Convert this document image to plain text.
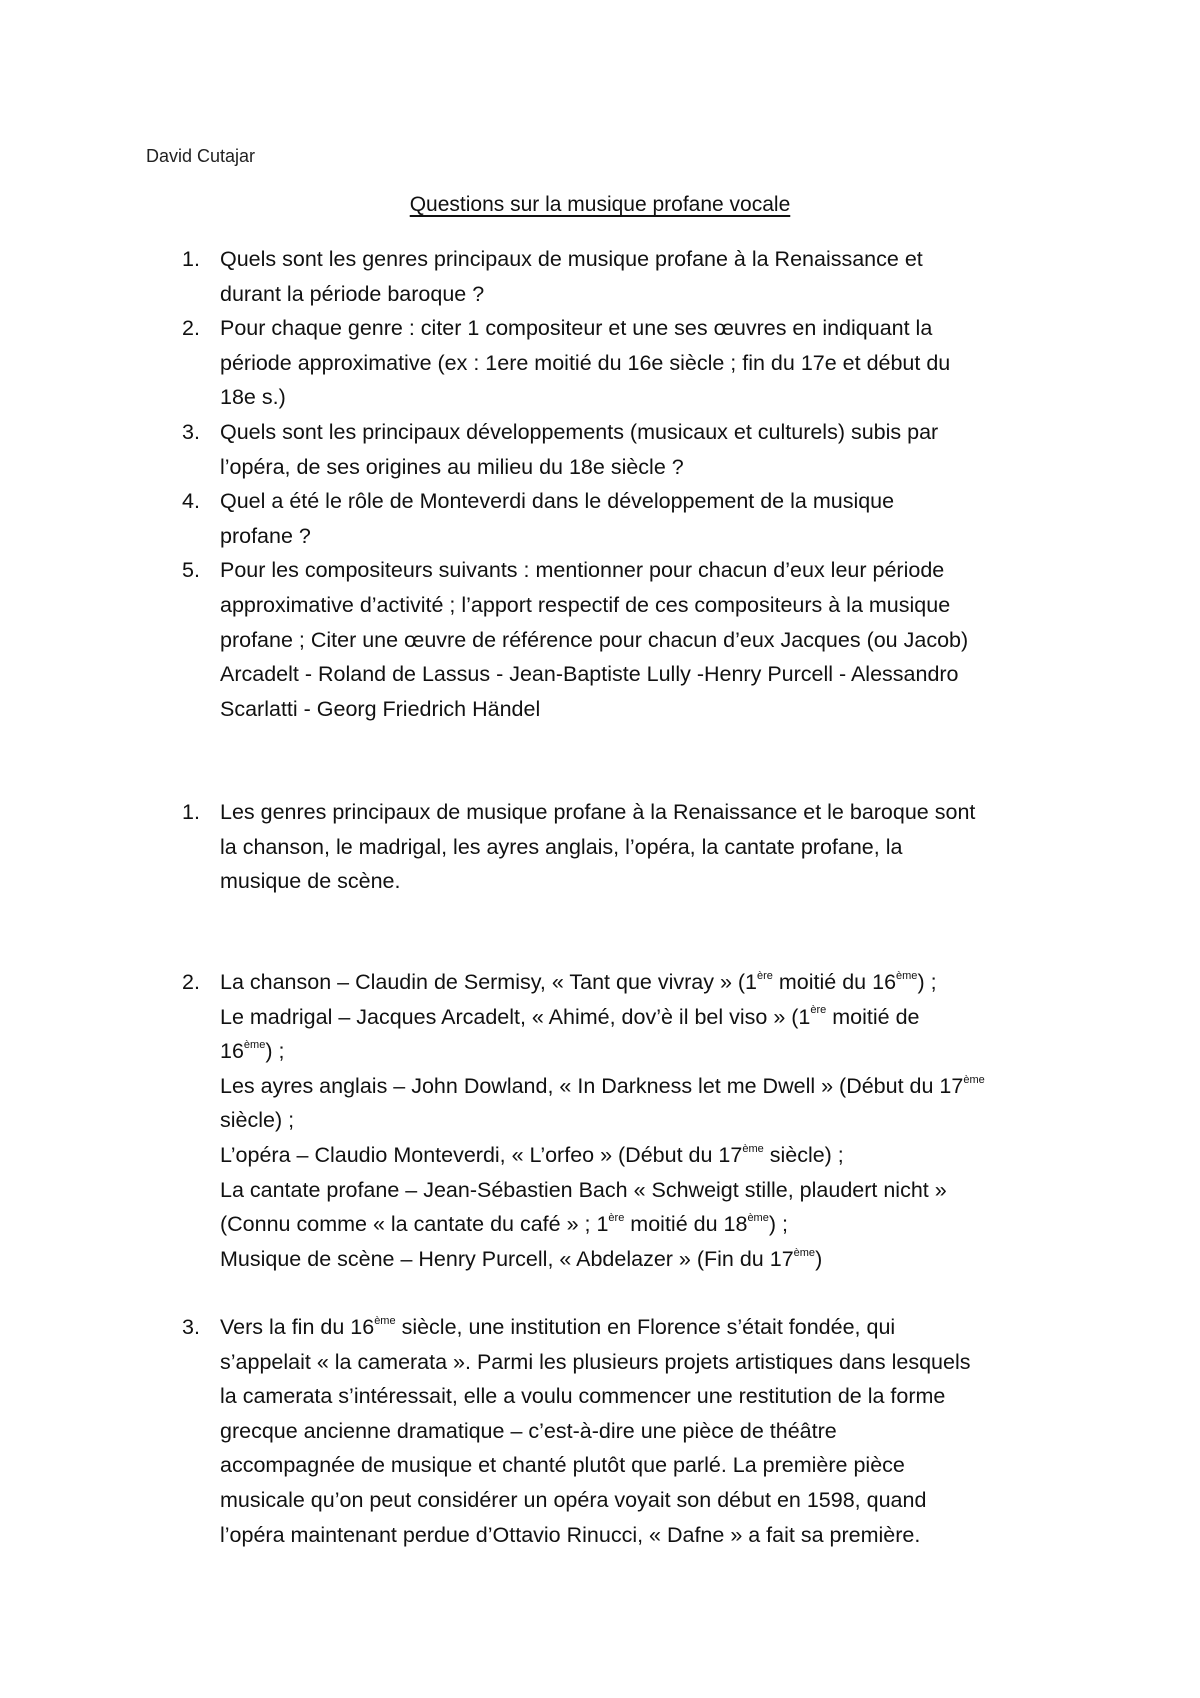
David Cutajar
Questions sur la musique profane vocale
1. Quels sont les genres principaux de musique profane à la Renaissance et
durant la période baroque ?
2. Pour chaque genre : citer 1 compositeur et une ses œuvres en indiquant la
période approximative (ex : 1ere moitié du 16e siècle ; fin du 17e et début du
18e s.)
3. Quels sont les principaux développements (musicaux et culturels) subis par
l’opéra, de ses origines au milieu du 18e siècle ?
4. Quel a été le rôle de Monteverdi dans le développement de la musique
profane ?
5. Pour les compositeurs suivants : mentionner pour chacun d’eux leur période
approximative d’activité ; l’apport respectif de ces compositeurs à la musique
profane ; Citer une œuvre de référence pour chacun d’eux Jacques (ou Jacob)
Arcadelt - Roland de Lassus - Jean-Baptiste Lully -Henry Purcell - Alessandro
Scarlatti - Georg Friedrich Händel
1. Les genres principaux de musique profane à la Renaissance et le baroque sont
la chanson, le madrigal, les ayres anglais, l’opéra, la cantate profane, la
musique de scène.
2. La chanson – Claudin de Sermisy, « Tant que vivray » (1ère moitié du 16ème) ;
Le madrigal – Jacques Arcadelt, « Ahimé, dov’è il bel viso » (1ère moitié de
16ème) ;
Les ayres anglais – John Dowland, « In Darkness let me Dwell » (Début du 17ème
siècle) ;
L’opéra – Claudio Monteverdi, « L’orfeo » (Début du 17ème siècle) ;
La cantate profane – Jean-Sébastien Bach « Schweigt stille, plaudert nicht »
(Connu comme « la cantate du café » ; 1ère moitié du 18ème) ;
Musique de scène – Henry Purcell, « Abdelazer » (Fin du 17ème)
3. Vers la fin du 16ème siècle, une institution en Florence s’était fondée, qui
s’appelait « la camerata ». Parmi les plusieurs projets artistiques dans lesquels
la camerata s’intéressait, elle a voulu commencer une restitution de la forme
grecque ancienne dramatique – c’est-à-dire une pièce de théâtre
accompagnée de musique et chanté plutôt que parlé. La première pièce
musicale qu’on peut considérer un opéra voyait son début en 1598, quand
l’opéra maintenant perdue d’Ottavio Rinucci, « Dafne » a fait sa première.
